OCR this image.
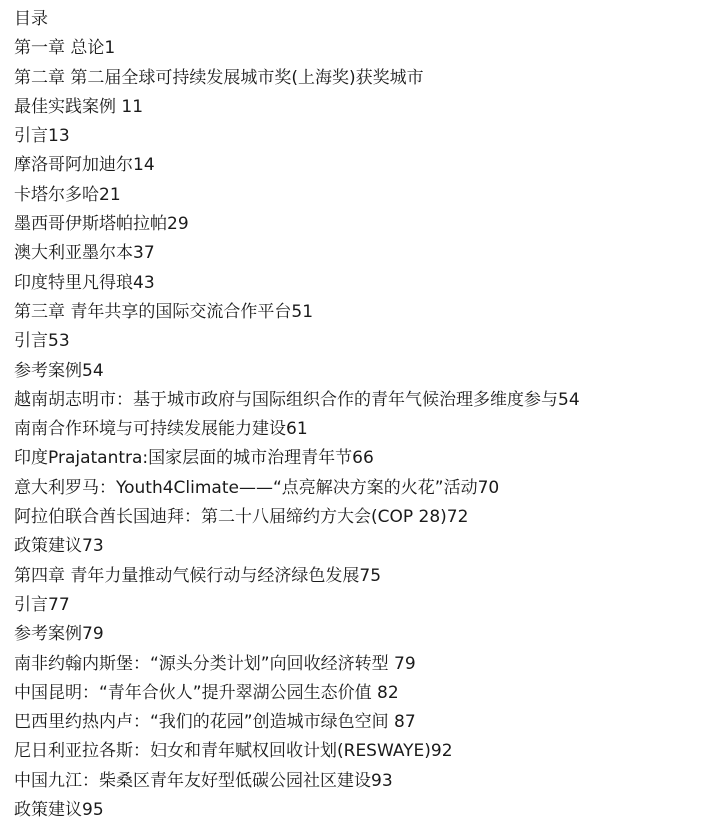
目录
第一章 总论1
第二章 第二届全球可持续发展城市奖(上海奖)获奖城市
最佳实践案例 11
引言13
摩洛哥阿加迪尔14
卡塔尔多哈21
墨西哥伊斯塔帕拉帕29
澳大利亚墨尔本37
印度特里凡得琅43
第三章 青年共享的国际交流合作平台51
引言53
参考案例54
越南胡志明市：基于城市政府与国际组织合作的青年气候治理多维度参与54
南南合作环境与可持续发展能力建设61
印度Prajatantra:国家层面的城市治理青年节66
意大利罗马：Youth4Climate——“点亮解决方案的火花”活动70
阿拉伯联合酋长国迪拜：第二十八届缔约方大会(COP 28)72
政策建议73
第四章 青年力量推动气候行动与经济绿色发展75
引言77
参考案例79
南非约翰内斯堡：“源头分类计划”向回收经济转型 79
中国昆明：“青年合伙人”提升翠湖公园生态价值 82
巴西里约热内卢：“我们的花园”创造城市绿色空间 87
尼日利亚拉各斯：妇女和青年赋权回收计划(RESWAYE)92
中国九江：柴桑区青年友好型低碳公园社区建设93
政策建议95
